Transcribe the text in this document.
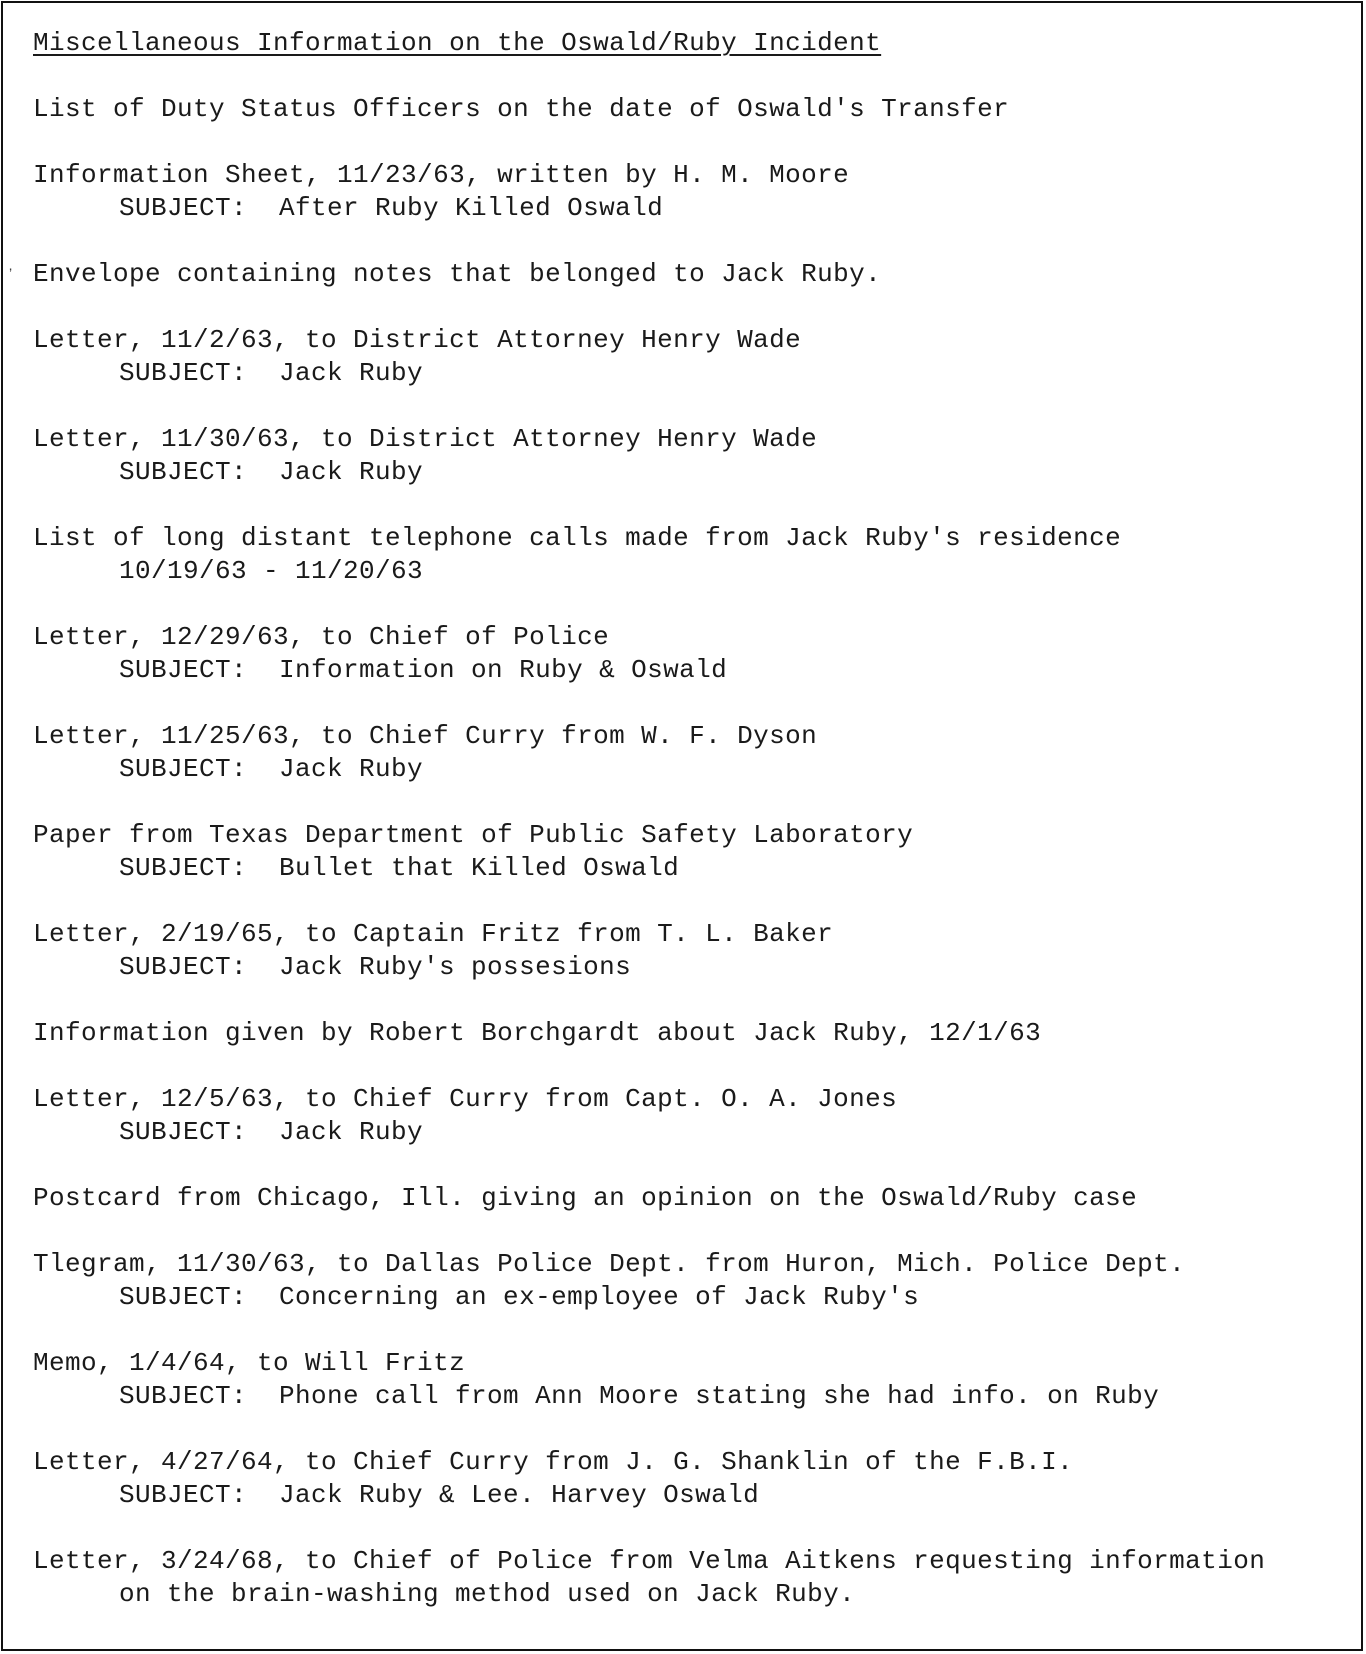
’
Miscellaneous Information on the Oswald/Ruby Incident
List of Duty Status Officers on the date of Oswald's Transfer
Information Sheet, 11/23/63, written by H. M. Moore
SUBJECT:  After Ruby Killed Oswald
Envelope containing notes that belonged to Jack Ruby.
Letter, 11/2/63, to District Attorney Henry Wade
SUBJECT:  Jack Ruby
Letter, 11/30/63, to District Attorney Henry Wade
SUBJECT:  Jack Ruby
List of long distant telephone calls made from Jack Ruby's residence
10/19/63 - 11/20/63
Letter, 12/29/63, to Chief of Police
SUBJECT:  Information on Ruby & Oswald
Letter, 11/25/63, to Chief Curry from W. F. Dyson
SUBJECT:  Jack Ruby
Paper from Texas Department of Public Safety Laboratory
SUBJECT:  Bullet that Killed Oswald
Letter, 2/19/65, to Captain Fritz from T. L. Baker
SUBJECT:  Jack Ruby's possesions
Information given by Robert Borchgardt about Jack Ruby, 12/1/63
Letter, 12/5/63, to Chief Curry from Capt. O. A. Jones
SUBJECT:  Jack Ruby
Postcard from Chicago, Ill. giving an opinion on the Oswald/Ruby case
Tlegram, 11/30/63, to Dallas Police Dept. from Huron, Mich. Police Dept.
SUBJECT:  Concerning an ex-employee of Jack Ruby's
Memo, 1/4/64, to Will Fritz
SUBJECT:  Phone call from Ann Moore stating she had info. on Ruby
Letter, 4/27/64, to Chief Curry from J. G. Shanklin of the F.B.I.
SUBJECT:  Jack Ruby & Lee. Harvey Oswald
Letter, 3/24/68, to Chief of Police from Velma Aitkens requesting information
on the brain-washing method used on Jack Ruby.
